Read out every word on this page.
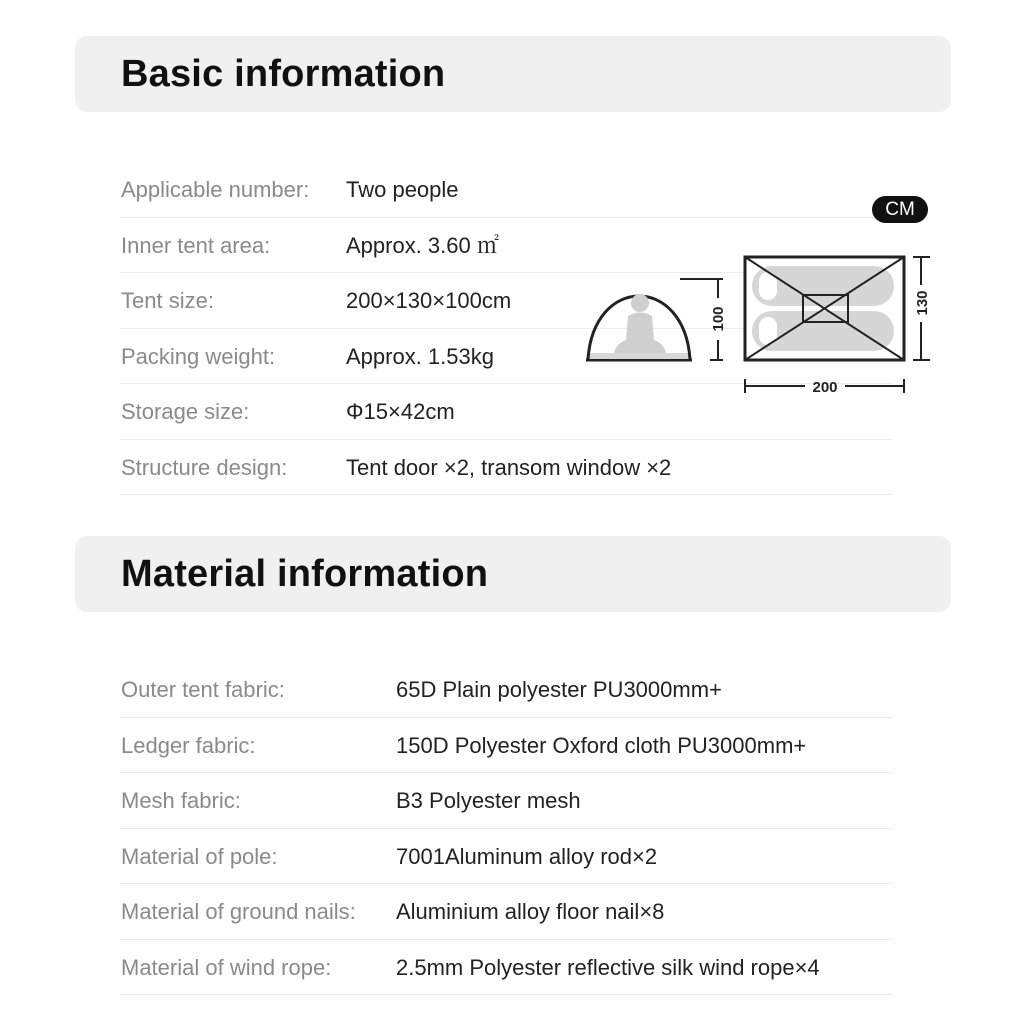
Basic information
Applicable number: Two people
Inner tent area:	Approx. 3.60 ㎡
Tent size:	200×130×100cm
Packing weight:	Approx. 1.53kg
Storage size:	Φ15×42cm
Structure design:	Tent door ×2, transom window ×2
100
130
200
CM
Material information
Outer tent fabric:	65D Plain polyester PU3000mm+
Ledger fabric:	150D Polyester Oxford cloth PU3000mm+
Mesh fabric:	B3 Polyester mesh
Material of pole:	7001Aluminum alloy rod×2
Material of ground nails: Aluminium alloy floor nail×8
Material of wind rope:	2.5mm Polyester reflective silk wind rope×4
